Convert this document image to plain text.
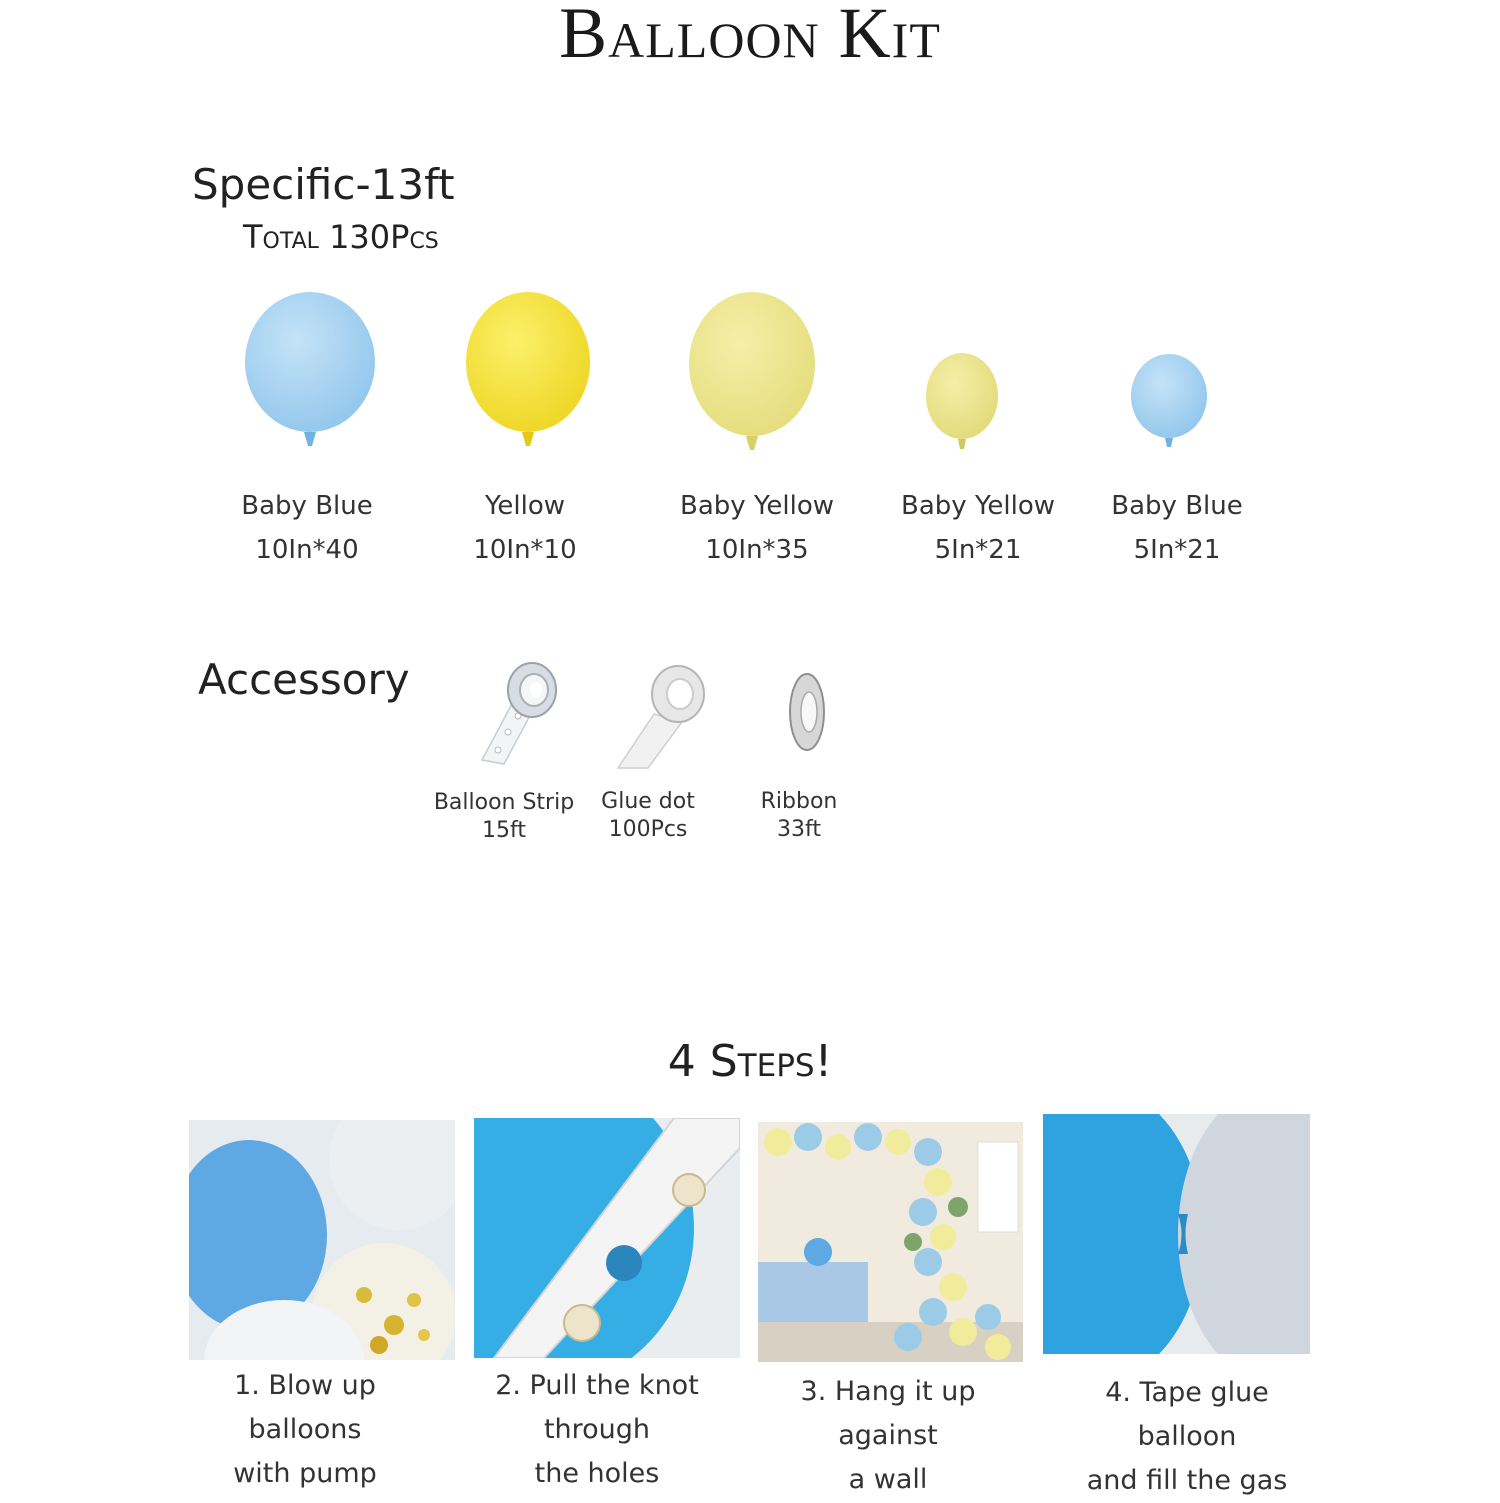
Balloon Kit
Specific-13ft
Total 130Pcs
Baby Blue
10In*40
Yellow
10In*10
Baby Yellow
10In*35
Baby Yellow
5In*21
Baby Blue
5In*21
Accessory
Balloon Strip
15ft
Glue dot
100Pcs
Ribbon
33ft
4 Steps!
1. Blow up
balloons
with pump
2. Pull the knot
through
the holes
3. Hang it up
against
a wall
4. Tape glue
balloon
and fill the gas
